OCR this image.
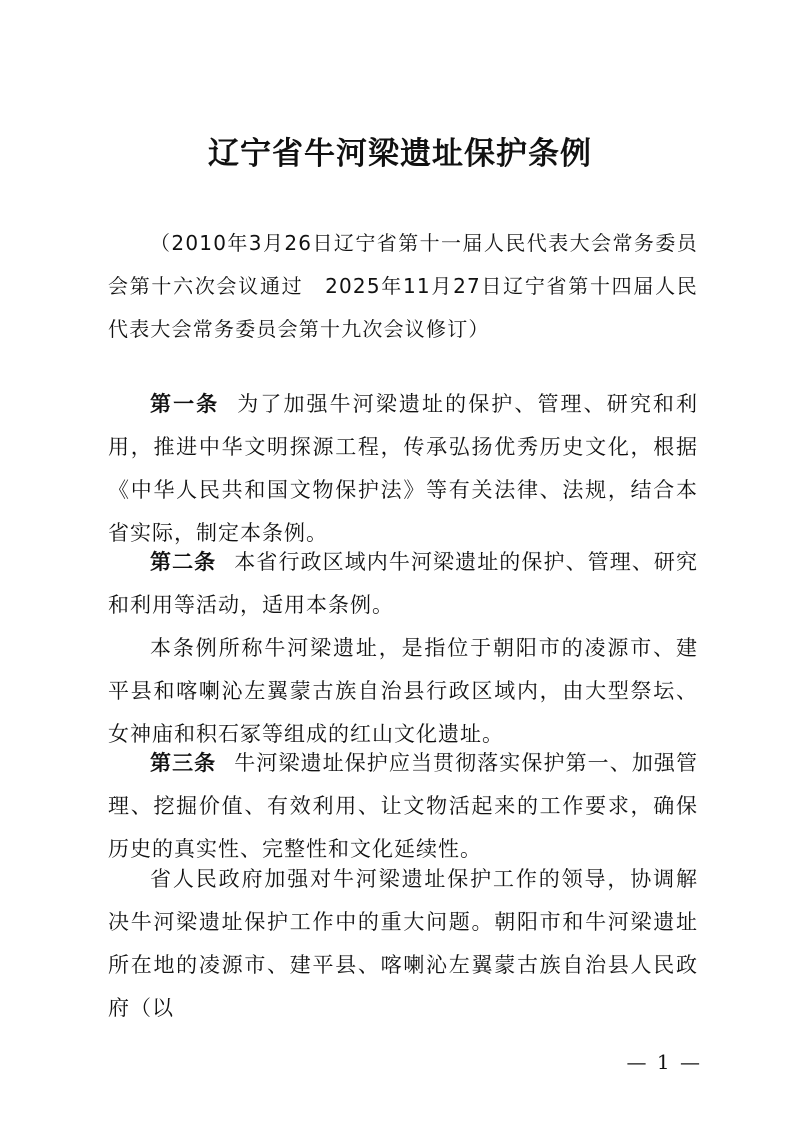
辽宁省牛河梁遗址保护条例

（2010年3月26日辽宁省第十一届人民代表大会常务委员会第十六次会议通过　2025年11月27日辽宁省第十四届人民代表大会常务委员会第十九次会议修订）

第一条 为了加强牛河梁遗址的保护、管理、研究和利用，推进中华文明探源工程，传承弘扬优秀历史文化，根据《中华人民共和国文物保护法》等有关法律、法规，结合本省实际，制定本条例。

第二条 本省行政区域内牛河梁遗址的保护、管理、研究和利用等活动，适用本条例。

本条例所称牛河梁遗址，是指位于朝阳市的凌源市、建平县和喀喇沁左翼蒙古族自治县行政区域内，由大型祭坛、女神庙和积石冢等组成的红山文化遗址。

第三条 牛河梁遗址保护应当贯彻落实保护第一、加强管理、挖掘价值、有效利用、让文物活起来的工作要求，确保历史的真实性、完整性和文化延续性。

省人民政府加强对牛河梁遗址保护工作的领导，协调解决牛河梁遗址保护工作中的重大问题。朝阳市和牛河梁遗址所在地的凌源市、建平县、喀喇沁左翼蒙古族自治县人民政府（以

— 1 —
